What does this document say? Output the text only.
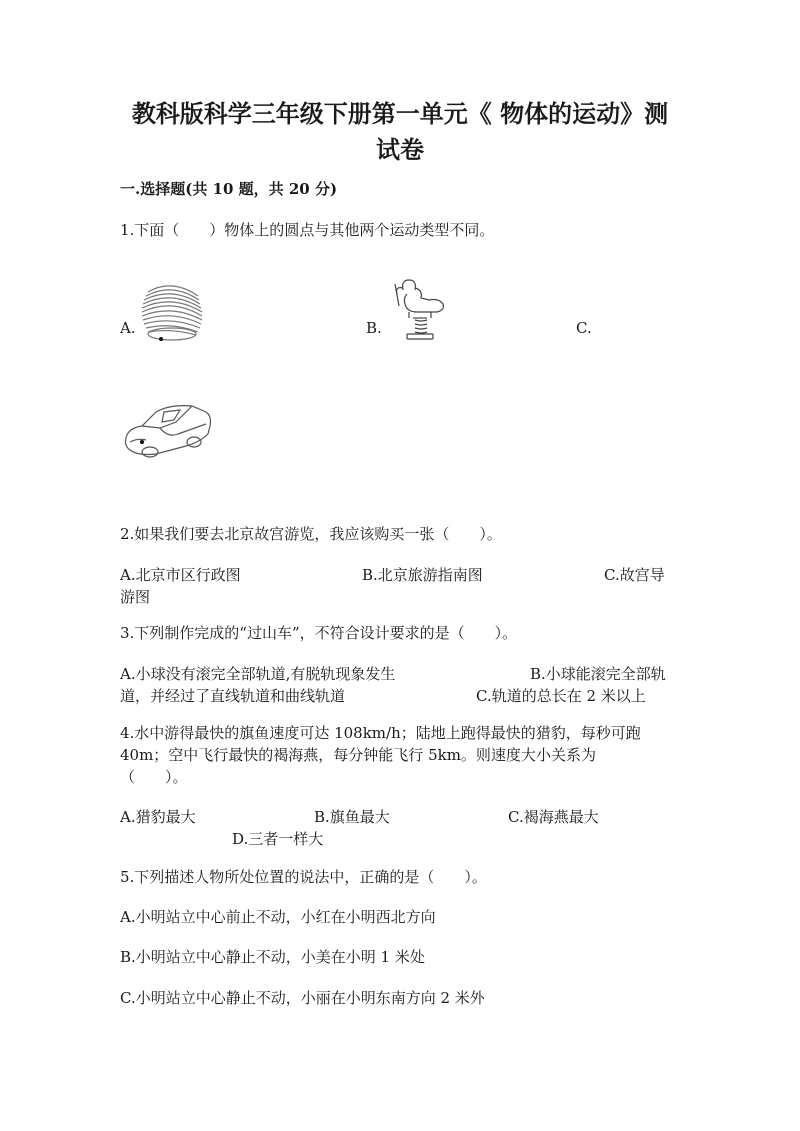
教科版科学三年级下册第一单元《 物体的运动》测
试卷
一.选择题(共 10 题，共 20 分)
1.下面（　　）物体上的圆点与其他两个运动类型不同。
A.	B.	C.
2.如果我们要去北京故宫游览，我应该购买一张（　　）。
A.北京市区行政图	B.北京旅游指南图	C.故宫导
游图
3.下列制作完成的“过山车”，不符合设计要求的是（　　）。
A.小球没有滚完全部轨道,有脱轨现象发生	B.小球能滚完全部轨
道，并经过了直线轨道和曲线轨道	C.轨道的总长在 2 米以上
4.水中游得最快的旗鱼速度可达 108km/h；陆地上跑得最快的猎豹，每秒可跑
40m；空中飞行最快的褐海燕，每分钟能飞行 5km。则速度大小关系为
（　　）。
A.猎豹最大	B.旗鱼最大	C.褐海燕最大
D.三者一样大
5.下列描述人物所处位置的说法中，正确的是（　　）。
A.小明站立中心前止不动，小红在小明西北方向
B.小明站立中心静止不动，小美在小明 1 米处
C.小明站立中心静止不动，小丽在小明东南方向 2 米外
